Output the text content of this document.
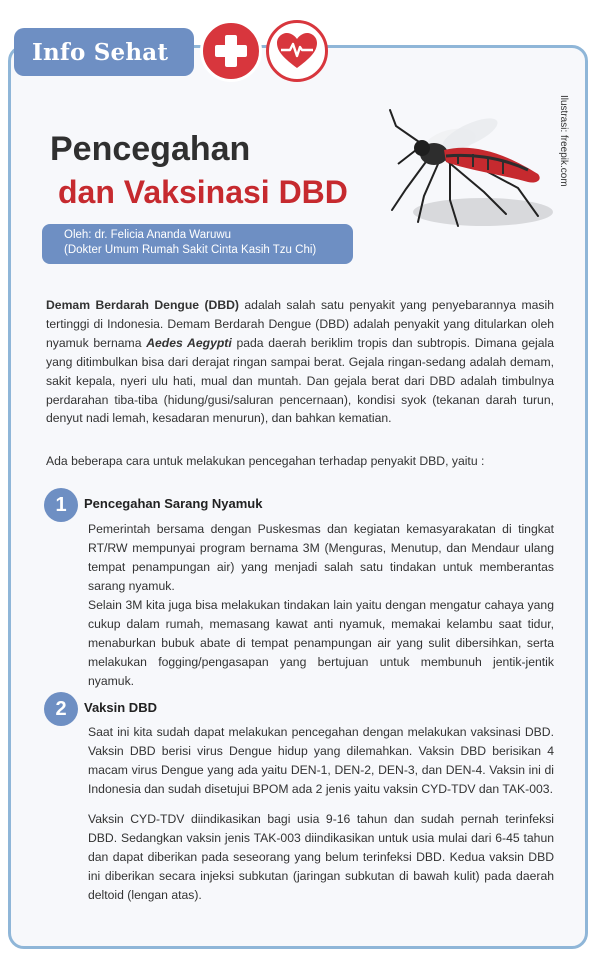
Info Sehat
Ilustrasi: freepik.com
Pencegahan
dan Vaksinasi DBD
Oleh: dr. Felicia Ananda Waruwu
(Dokter Umum Rumah Sakit Cinta Kasih Tzu Chi)

Demam Berdarah Dengue (DBD) adalah salah satu penyakit yang penyebarannya masih tertinggi di Indonesia. Demam Berdarah Dengue (DBD) adalah penyakit yang ditularkan oleh nyamuk bernama Aedes Aegypti pada daerah beriklim tropis dan subtropis. Dimana gejala yang ditimbulkan bisa dari derajat ringan sampai berat. Gejala ringan-sedang adalah demam, sakit kepala, nyeri ulu hati, mual dan muntah. Dan gejala berat dari DBD adalah timbulnya perdarahan tiba-tiba (hidung/gusi/saluran pencernaan), kondisi syok (tekanan darah turun, denyut nadi lemah, kesadaran menurun), dan bahkan kematian.

Ada beberapa cara untuk melakukan pencegahan terhadap penyakit DBD, yaitu :

1	Pencegahan Sarang Nyamuk

Pemerintah bersama dengan Puskesmas dan kegiatan kemasyarakatan di tingkat RT/RW mempunyai program bernama 3M (Menguras, Menutup, dan Mendaur ulang tempat penampungan air) yang menjadi salah satu tindakan untuk memberantas sarang nyamuk.

Selain 3M kita juga bisa melakukan tindakan lain yaitu dengan mengatur cahaya yang cukup dalam rumah, memasang kawat anti nyamuk, memakai kelambu saat tidur, menaburkan bubuk abate di tempat penampungan air yang sulit dibersihkan, serta melakukan fogging/pengasapan yang bertujuan untuk membunuh jentik-jentik nyamuk.

2	Vaksin DBD

Saat ini kita sudah dapat melakukan pencegahan dengan melakukan vaksinasi DBD. Vaksin DBD berisi virus Dengue hidup yang dilemahkan. Vaksin DBD berisikan 4 macam virus Dengue yang ada yaitu DEN-1, DEN-2, DEN-3, dan DEN-4. Vaksin ini di Indonesia dan sudah disetujui BPOM ada 2 jenis yaitu vaksin CYD-TDV dan TAK-003.

Vaksin CYD-TDV diindikasikan bagi usia 9-16 tahun dan sudah pernah terinfeksi DBD. Sedangkan vaksin jenis TAK-003 diindikasikan untuk usia mulai dari 6-45 tahun dan dapat diberikan pada seseorang yang belum terinfeksi DBD. Kedua vaksin DBD ini diberikan secara injeksi subkutan (jaringan subkutan di bawah kulit) pada daerah deltoid (lengan atas).
